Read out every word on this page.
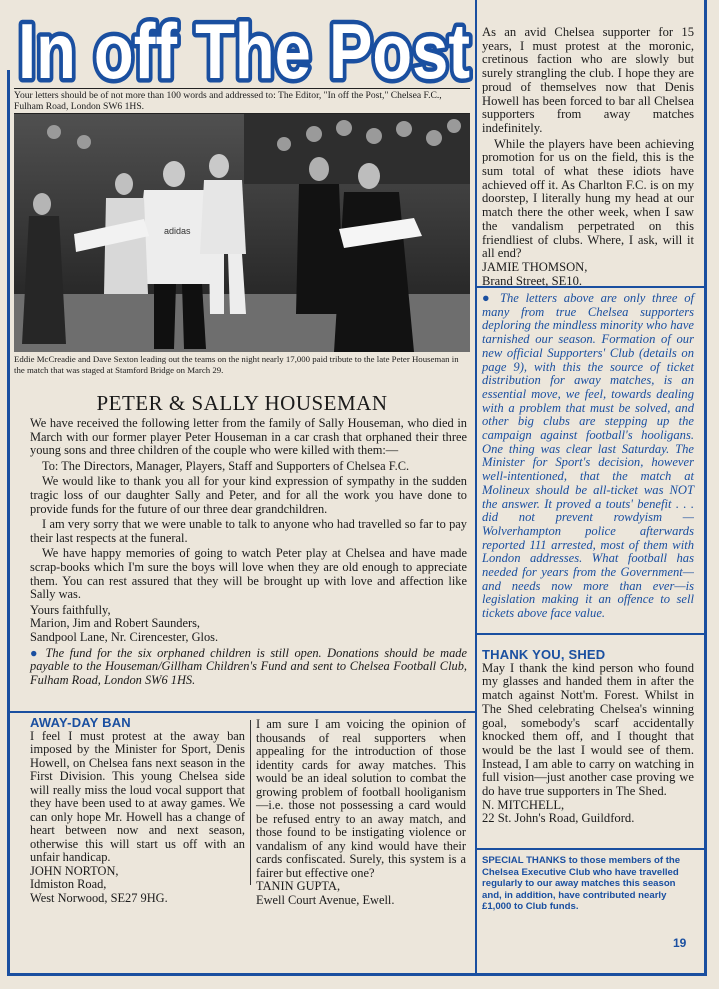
In off The Post
Your letters should be of not more than 100 words and addressed to: The Editor, "In off the Post," Chelsea F.C., Fulham Road, London SW6 1HS.
adidas
Eddie McCreadie and Dave Sexton leading out the teams on the night nearly 17,000 paid tribute to the late Peter Houseman in the match that was staged at Stamford Bridge on March 29.
PETER & SALLY HOUSEMAN

We have received the following letter from the family of Sally Houseman, who died in March with our former player Peter Houseman in a car crash that orphaned their three young sons and three children of the couple who were killed with them:—

To: The Directors, Manager, Players, Staff and Supporters of Chelsea F.C.

We would like to thank you all for your kind expression of sympathy in the sudden tragic loss of our daughter Sally and Peter, and for all the work you have done to provide funds for the future of our three dear grandchildren.

I am very sorry that we were unable to talk to anyone who had travelled so far to pay their last respects at the funeral.

We have happy memories of going to watch Peter play at Chelsea and have made scrap-books which I'm sure the boys will love when they are old enough to appreciate them. You can rest assured that they will be brought up with love and affection like Sally was.

Yours faithfully,

Marion, Jim and Robert Saunders,

Sandpool Lane, Nr. Cirencester, Glos.

● The fund for the six orphaned children is still open. Donations should be made payable to the Houseman/Gillham Children's Fund and sent to Chelsea Football Club, Fulham Road, London SW6 1HS.

AWAY-DAY BAN

I feel I must protest at the away ban imposed by the Minister for Sport, Denis Howell, on Chelsea fans next season in the First Division. This young Chelsea side will really miss the loud vocal support that they have been used to at away games. We can only hope Mr. Howell has a change of heart between now and next season, otherwise this will start us off with an unfair handicap.

JOHN NORTON,

Idmiston Road,

West Norwood, SE27 9HG.

I am sure I am voicing the opinion of thousands of real supporters when appealing for the introduction of those identity cards for away matches. This would be an ideal solution to combat the growing problem of football hooliganism—i.e. those not possessing a card would be refused entry to an away match, and those found to be instigating violence or vandalism of any kind would have their cards confiscated. Surely, this system is a fairer but effective one?

TANIN GUPTA,

Ewell Court Avenue, Ewell.

As an avid Chelsea supporter for 15 years, I must protest at the moronic, cretinous faction who are slowly but surely strangling the club. I hope they are proud of themselves now that Denis Howell has been forced to bar all Chelsea supporters from away matches indefinitely.

While the players have been achieving promotion for us on the field, this is the sum total of what these idiots have achieved off it. As Charlton F.C. is on my doorstep, I literally hung my head at our match there the other week, when I saw the vandalism perpetrated on this friendliest of clubs. Where, I ask, will it all end?

JAMIE THOMSON,

Brand Street, SE10.

● The letters above are only three of many from true Chelsea supporters deploring the mindless minority who have tarnished our season. Formation of our new official Supporters' Club (details on page 9), with this the source of ticket distribution for away matches, is an essential move, we feel, towards dealing with a problem that must be solved, and other big clubs are stepping up the campaign against football's hooligans. One thing was clear last Saturday. The Minister for Sport's decision, however well-intentioned, that the match at Molineux should be all-ticket was NOT the answer. It proved a touts' benefit . . . did not prevent rowdyism —Wolverhampton police afterwards reported 111 arrested, most of them with London addresses. What football has needed for years from the Government—and needs now more than ever—is legislation making it an offence to sell tickets above face value.

THANK YOU, SHED

May I thank the kind person who found my glasses and handed them in after the match against Nott'm. Forest. Whilst in The Shed celebrating Chelsea's winning goal, somebody's scarf accidentally knocked them off, and I thought that would be the last I would see of them. Instead, I am able to carry on watching in full vision—just another case proving we do have true supporters in The Shed.

N. MITCHELL,

22 St. John's Road, Guildford.

SPECIAL THANKS to those members of the Chelsea Executive Club who have travelled regularly to our away matches this season and, in addition, have contributed nearly £1,000 to Club funds.
19
